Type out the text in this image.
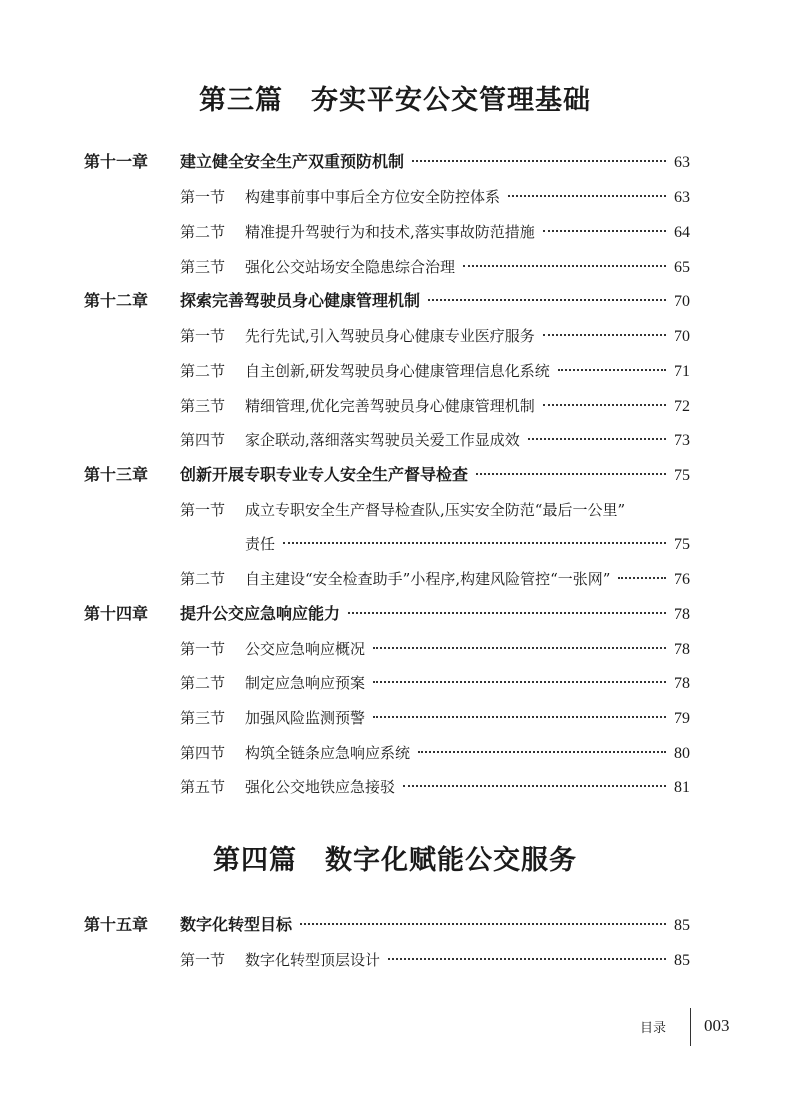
第三篇 夯实平安公交管理基础
第十一章	建立健全安全生产双重预防机制	63
第一节	构建事前事中事后全方位安全防控体系	63
第二节	精准提升驾驶行为和技术,落实事故防范措施	64
第三节	强化公交站场安全隐患综合治理	65
第十二章	探索完善驾驶员身心健康管理机制	70
第一节	先行先试,引入驾驶员身心健康专业医疗服务	70
第二节	自主创新,研发驾驶员身心健康管理信息化系统	71
第三节	精细管理,优化完善驾驶员身心健康管理机制	72
第四节	家企联动,落细落实驾驶员关爱工作显成效	73
第十三章	创新开展专职专业专人安全生产督导检查	75
第一节	成立专职安全生产督导检查队,压实安全防范“最后一公里”
责任	75
第二节	自主建设“安全检查助手”小程序,构建风险管控“一张网”	76
第十四章	提升公交应急响应能力	78
第一节	公交应急响应概况	78
第二节	制定应急响应预案	78
第三节	加强风险监测预警	79
第四节	构筑全链条应急响应系统	80
第五节	强化公交地铁应急接驳	81
第四篇 数字化赋能公交服务
第十五章	数字化转型目标	85
第一节	数字化转型顶层设计	85
目录 003
